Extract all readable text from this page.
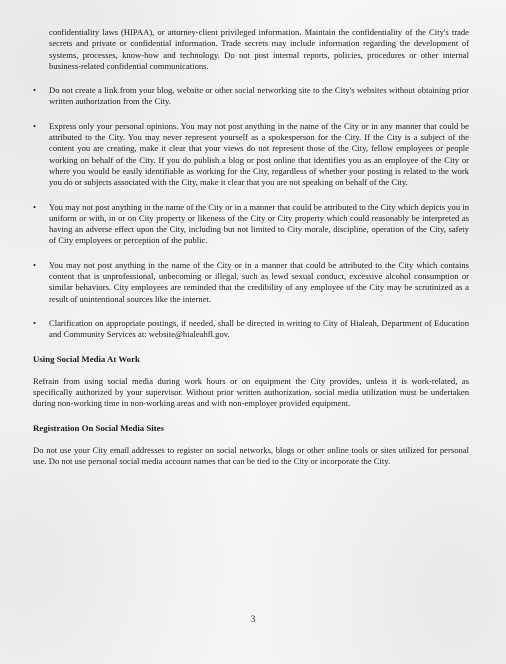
confidentiality laws (HIPAA), or attorney-client privileged information. Maintain the confidentiality of the City's trade secrets and private or confidential information. Trade secrets may include information regarding the development of systems, processes, know-how and technology. Do not post internal reports, policies, procedures or other internal business-related confidential communications.

•	Do not create a link from your blog, website or other social networking site to the City's websites without obtaining prior written authorization from the City.
•	Express only your personal opinions. You may not post anything in the name of the City or in any manner that could be attributed to the City. You may never represent yourself as a spokesperson for the City. If the City is a subject of the content you are creating, make it clear that your views do not represent those of the City, fellow employees or people working on behalf of the City. If you do publish a blog or post online that identifies you as an employee of the City or where you would be easily identifiable as working for the City, regardless of whether your posting is related to the work you do or subjects associated with the City, make it clear that you are not speaking on behalf of the City.
•	You may not post anything in the name of the City or in a manner that could be attributed to the City which depicts you in uniform or with, in or on City property or likeness of the City or City property which could reasonably be interpreted as having an adverse effect upon the City, including but not limited to City morale, discipline, operation of the City, safety of City employees or perception of the public.
•	You may not post anything in the name of the City or in a manner that could be attributed to the City which contains content that is unprofessional, unbecoming or illegal, such as lewd sexual conduct, excessive alcohol consumption or similar behaviors. City employees are reminded that the credibility of any employee of the City may be scrutinized as a result of unintentional sources like the internet.
•	Clarification on appropriate postings, if needed, shall be directed in writing to City of Hialeah, Department of Education and Community Services at: website@hialeahfl.gov.
Using Social Media At Work

Refrain from using social media during work hours or on equipment the City provides, unless it is work-related, as specifically authorized by your supervisor. Without prior written authorization, social media utilization must be undertaken during non-working time in non-working areas and with non-employer provided equipment.

Registration On Social Media Sites

Do not use your City email addresses to register on social networks, blogs or other online tools or sites utilized for personal use. Do not use personal social media account names that can be tied to the City or incorporate the City.

3
